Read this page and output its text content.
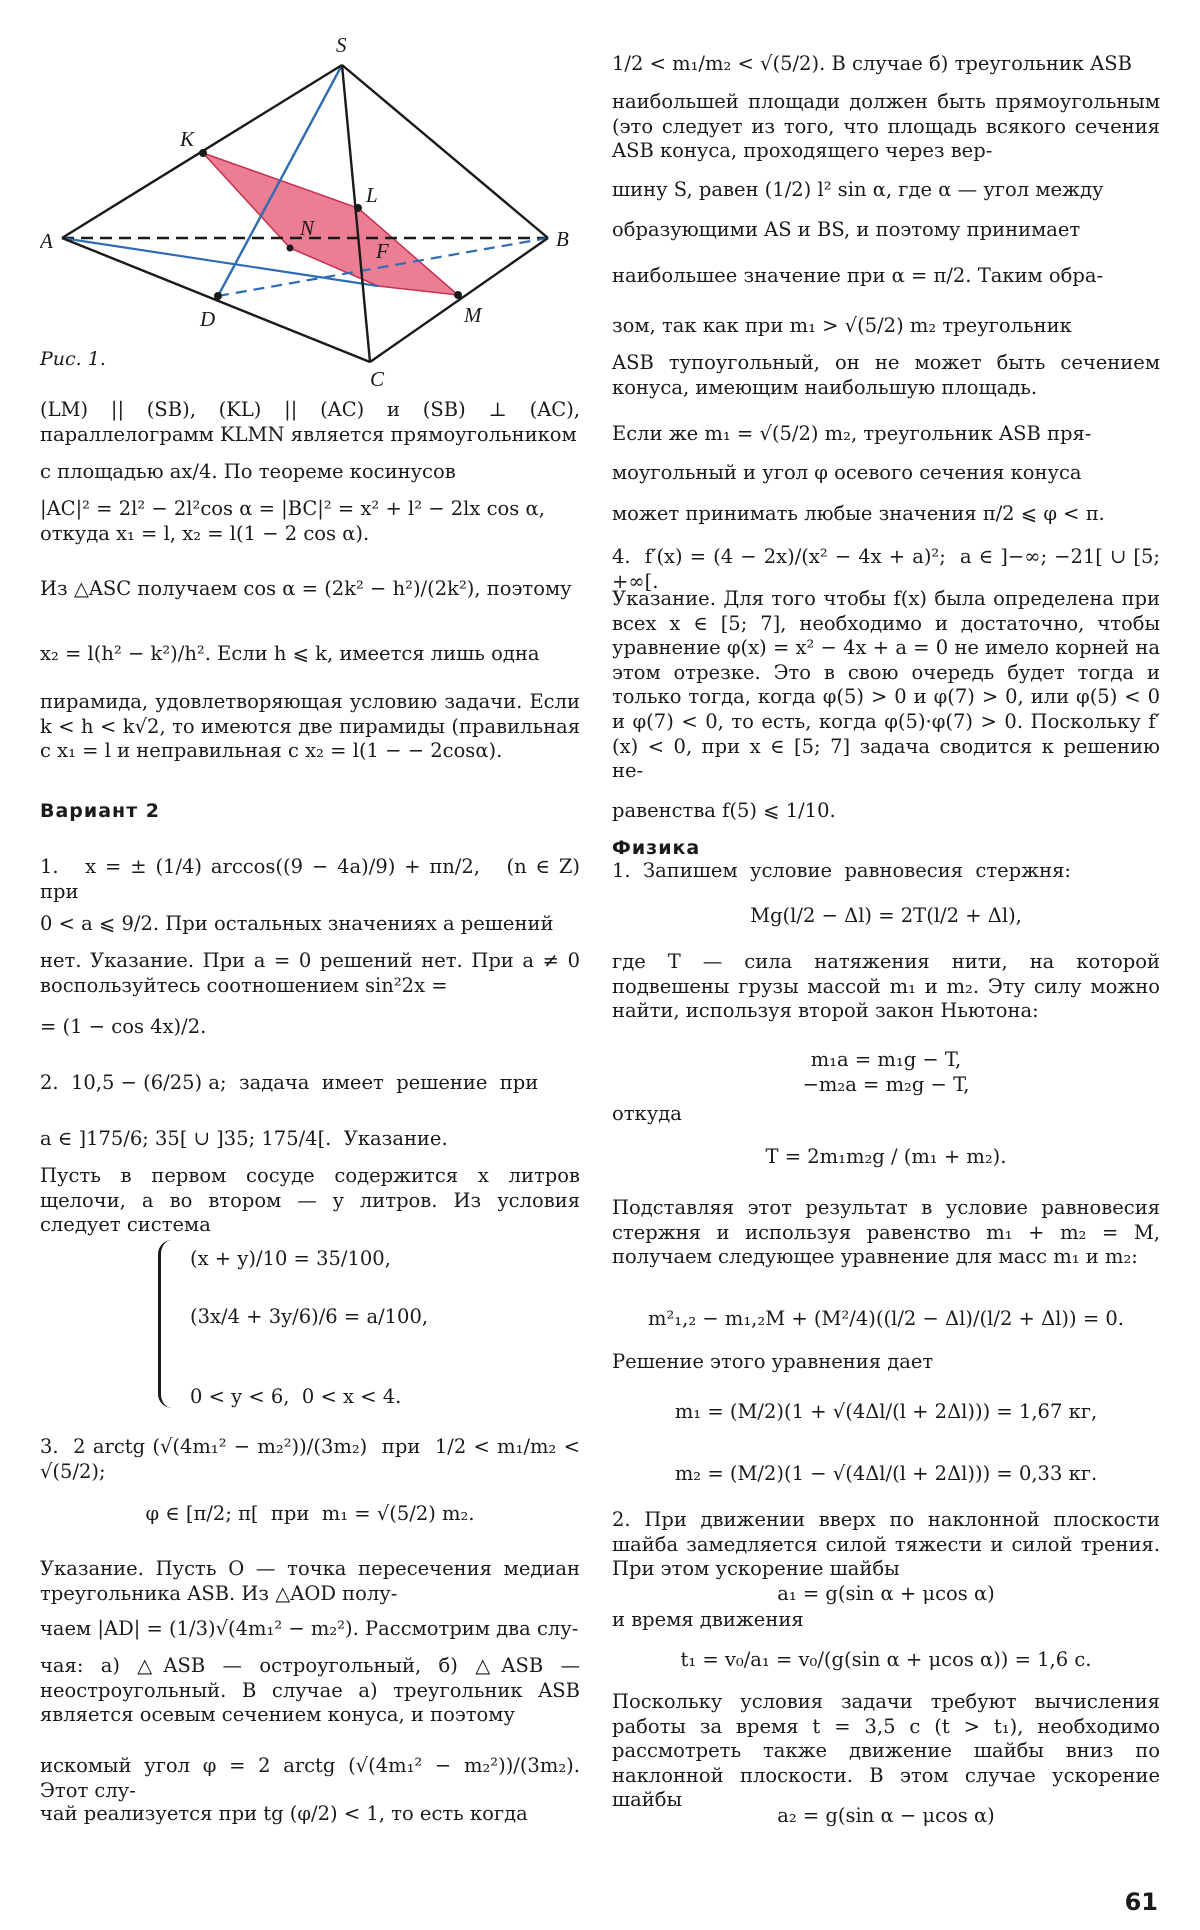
S
K
L
N
F
A	B
D	M
C
Рис. 1.

(LM) || (SB), (KL) || (AC) и (SB) ⊥ (AC), параллелограмм KLMN является прямоугольником

с площадью ax/4. По теореме косинусов

|AC|² = 2l² − 2l²cos α = |BC|² = x² + l² − 2lx cos α,

откуда x₁ = l, x₂ = l(1 − 2 cos α).

Из △ASC получаем cos α = (2k² − h²)/(2k²), поэтому

x₂ = l(h² − k²)/h². Если h ⩽ k, имеется лишь одна

пирамида, удовлетворяющая условию задачи. Если k < h < k√2, то имеются две пирамиды (правильная с x₁ = l и неправильная с x₂ = l(1 − − 2cosα).

Вариант 2

1.   x = ± (1/4) arccos((9 − 4a)/9) + πn/2,   (n ∈ Z)   при

0 < a ⩽ 9/2. При остальных значениях a решений

нет. Указание. При a = 0 решений нет. При a ≠ 0 воспользуйтесь соотношением sin²2x =

= (1 − cos 4x)/2.

2.  10,5 − (6/25) a;  задача  имеет  решение  при

a ∈ ]175/6; 35[ ∪ ]35; 175/4[.  Указание.

Пусть в первом сосуде содержится x литров щелочи, а во втором — y литров. Из условия следует система

(x + y)/10 = 35/100,

(3x/4 + 3y/6)/6 = a/100,

0 < y < 6,  0 < x < 4.

3.  2 arctg (√(4m₁² − m₂²))/(3m₂)  при  1/2 < m₁/m₂ < √(5/2);

φ ∈ [π/2; π[  при  m₁ = √(5/2) m₂.

Указание. Пусть O — точка пересечения медиан треугольника ASB. Из △AOD полу-

чаем |AD| = (1/3)√(4m₁² − m₂²). Рассмотрим два слу-

чая: а) △ASB — остроугольный, б) △ASB — неостроугольный. В случае а) треугольник ASB является осевым сечением конуса, и поэтому

искомый угол φ = 2 arctg (√(4m₁² − m₂²))/(3m₂). Этот слу-

чай реализуется при tg (φ/2) < 1, то есть когда

1/2 < m₁/m₂ < √(5/2). В случае б) треугольник ASB

наибольшей площади должен быть прямоугольным (это следует из того, что площадь всякого сечения ASB конуса, проходящего через вер-

шину S, равен (1/2) l² sin α, где α — угол между

образующими AS и BS, и поэтому принимает

наибольшее значение при α = π/2. Таким обра-

зом, так как при m₁ > √(5/2) m₂ треугольник

ASB тупоугольный, он не может быть сечением конуса, имеющим наибольшую площадь.

Если же m₁ = √(5/2) m₂, треугольник ASB пря-

моугольный и угол φ осевого сечения конуса

может принимать любые значения π/2 ⩽ φ < π.

4.  f′(x) = (4 − 2x)/(x² − 4x + a)²;  a ∈ ]−∞; −21[ ∪ [5; +∞[.

Указание. Для того чтобы f(x) была определена при всех x ∈ [5; 7], необходимо и достаточно, чтобы уравнение φ(x) = x² − 4x + a = 0 не имело корней на этом отрезке. Это в свою очередь будет тогда и только тогда, когда φ(5) > 0 и φ(7) > 0, или φ(5) < 0 и φ(7) < 0, то есть, когда φ(5)·φ(7) > 0. Поскольку f′(x) < 0, при x ∈ [5; 7] задача сводится к решению не-

равенства f(5) ⩽ 1/10.

Физика

1.  Запишем  условие  равновесия  стержня:

Mg(l/2 − Δl) = 2T(l/2 + Δl),

где T — сила натяжения нити, на которой подвешены грузы массой m₁ и m₂. Эту силу можно найти, используя второй закон Ньютона:

m₁a = m₁g − T,

−m₂a = m₂g − T,

откуда

T = 2m₁m₂g / (m₁ + m₂).

Подставляя этот результат в условие равновесия стержня и используя равенство m₁ + m₂ = M, получаем следующее уравнение для масс m₁ и m₂:

m²₁,₂ − m₁,₂M + (M²/4)((l/2 − Δl)/(l/2 + Δl)) = 0.

Решение этого уравнения дает

m₁ = (M/2)(1 + √(4Δl/(l + 2Δl))) = 1,67 кг,

m₂ = (M/2)(1 − √(4Δl/(l + 2Δl))) = 0,33 кг.

2. При движении вверх по наклонной плоскости шайба замедляется силой тяжести и силой трения. При этом ускорение шайбы

a₁ = g(sin α + μcos α)

и время движения

t₁ = v₀/a₁ = v₀/(g(sin α + μcos α)) = 1,6 с.

Поскольку условия задачи требуют вычисления работы за время t = 3,5 с (t > t₁), необходимо рассмотреть также движение шайбы вниз по наклонной плоскости. В этом случае ускорение шайбы

a₂ = g(sin α − μcos α)

61
